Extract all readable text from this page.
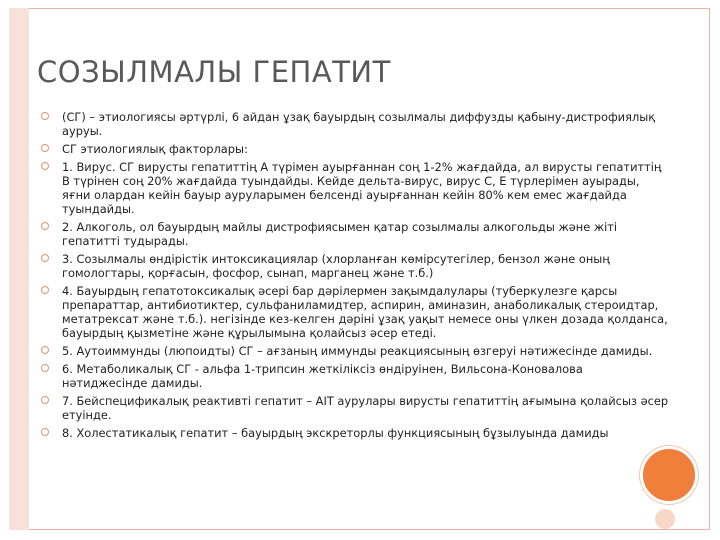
СОЗЫЛМАЛЫ ГЕПАТИТ
(СГ) – этиологиясы әртүрлі, 6 айдан ұзақ бауырдың созылмалы диффузды қабыну-дистрофиялық ауруы.
СГ этиологиялық факторлары:
1. Вирус. СГ вирусты гепатиттің А түрімен ауырғаннан соң 1-2% жағдайда, ал вирусты гепатиттің В түрінен соң 20% жағдайда туындайды. Кейде дельта-вирус, вирус С, Е түрлерімен ауырады, яғни олардан кейін бауыр ауруларымен белсенді ауырғаннан кейін 80% кем емес жағдайда туындайды.
2. Алкоголь, ол бауырдың майлы дистрофиясымен қатар созылмалы алкогольды және жіті гепатитті тудырады.
3. Созылмалы өндірістік интоксикациялар (хлорланған көмірсутегілер, бензол және оның гомологтары, қорғасын, фосфор, сынап, марганец және т.б.)
4. Бауырдың гепатотоксикалық әсері бар дәрілермен зақымдалулары (туберкулезге қарсы препараттар, антибиотиктер, сульфаниламидтер, аспирин, аминазин, анаболикалық стероидтар, метатрексат және т.б.). негізінде кез-келген дәріні ұзақ уақыт немесе оны үлкен дозада қолданса, бауырдың қызметіне және құрылымына қолайсыз әсер етеді.
5. Аутоиммунды (люпоидты) СГ – ағзаның иммунды реакциясының өзгеруі нәтижесінде дамиды.
6. Метаболикалық СГ - альфа 1-трипсин жеткіліксіз өндіруінен, Вильсона-Коновалова нәтиджесінде дамиды.
7. Бейспецификалық реактивті гепатит – АIТ аурулары вирусты гепатиттің ағымына қолайсыз әсер етуінде.
8. Холестатикалық гепатит – бауырдың экскреторлы функциясының бұзылуында дамиды
